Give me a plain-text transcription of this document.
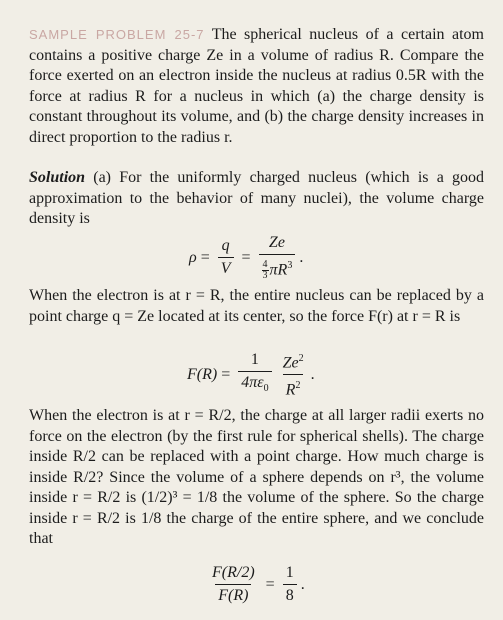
SAMPLE PROBLEM 25-7 The spherical nucleus of a certain atom contains a positive charge Ze in a volume of radius R. Compare the force exerted on an electron inside the nucleus at radius 0.5R with the force at radius R for a nucleus in which (a) the charge density is constant throughout its volume, and (b) the charge density increases in direct proportion to the radius r.

Solution (a) For the uniformly charged nucleus (which is a good approximation to the behavior of many nuclei), the volume charge density is

$\rho = \frac{q}{V} = \frac{Ze}{\frac{4}{3} \pi R^3}$ .

When the electron is at r = R, the entire nucleus can be replaced by a point charge q = Ze located at its center, so the force F(r) at r = R is

$F(R) = \frac{1}{4\pi\varepsilon_0} \frac{Ze^2}{R^2}$ .

When the electron is at r = R/2, the charge at all larger radii exerts no force on the electron (by the first rule for spherical shells). The charge inside R/2 can be replaced with a point charge. How much charge is inside R/2? Since the volume of a sphere depends on r³, the volume inside r = R/2 is (1/2)³ = 1/8 the volume of the sphere. So the charge inside r = R/2 is 1/8 the charge of the entire sphere, and we conclude that

$\frac{F(R/2)}{F(R)} = \frac{1}{8}$ .
